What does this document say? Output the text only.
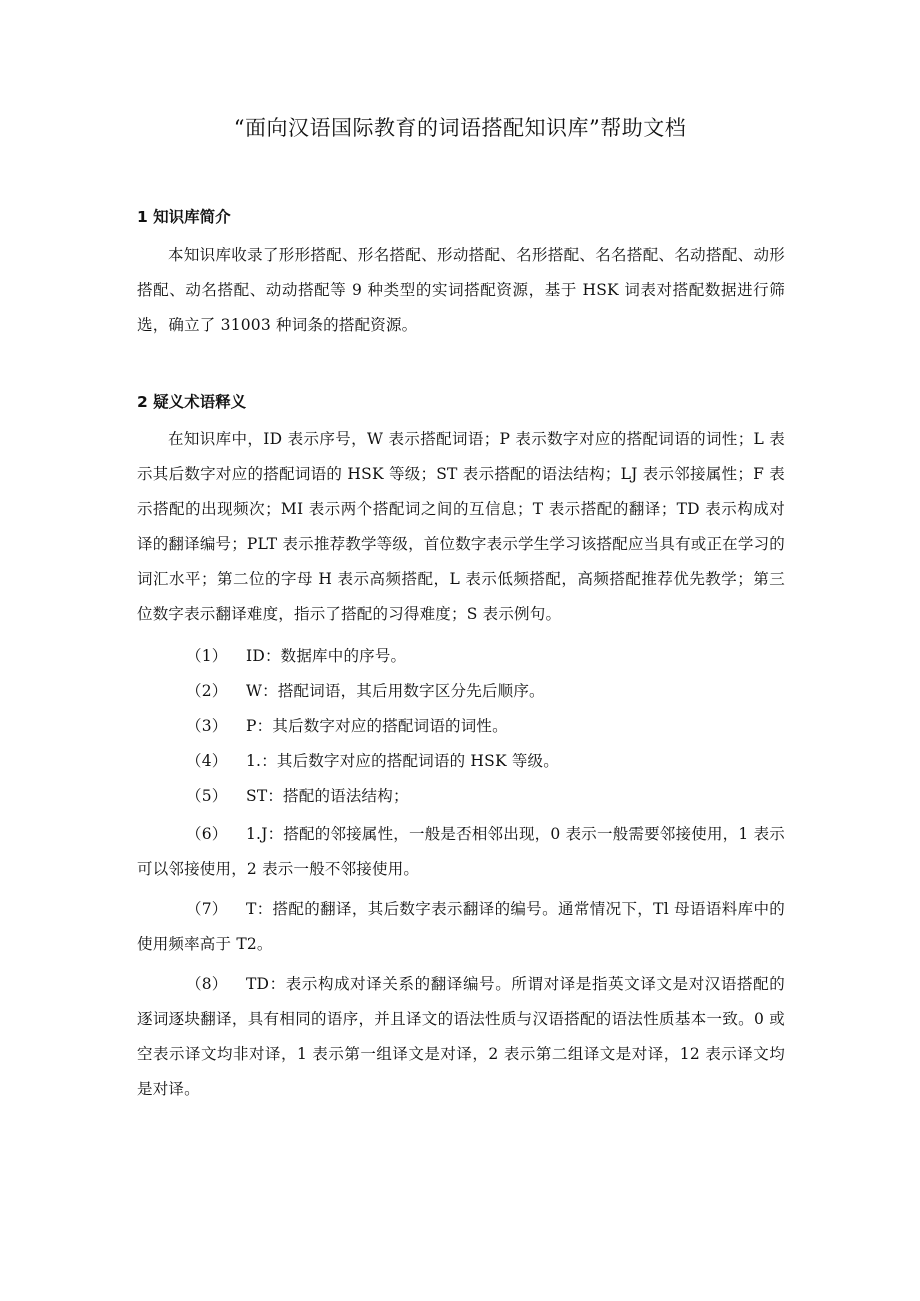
“面向汉语国际教育的词语搭配知识库”帮助文档
1 知识库简介
本知识库收录了形形搭配、形名搭配、形动搭配、名形搭配、名名搭配、名动搭配、动形搭配、动名搭配、动动搭配等 9 种类型的实词搭配资源，基于 HSK 词表对搭配数据进行筛选，确立了 31003 种词条的搭配资源。
2 疑义术语释义
在知识库中，ID 表示序号，W 表示搭配词语；P 表示数字对应的搭配词语的词性；L 表示其后数字对应的搭配词语的 HSK 等级；ST 表示搭配的语法结构；LJ 表示邻接属性；F 表示搭配的出现频次；MI 表示两个搭配词之间的互信息；T 表示搭配的翻译；TD 表示构成对译的翻译编号；PLT 表示推荐教学等级，首位数字表示学生学习该搭配应当具有或正在学习的词汇水平；第二位的字母 H 表示高频搭配，L 表示低频搭配，高频搭配推荐优先教学；第三位数字表示翻译难度，指示了搭配的习得难度；S 表示例句。
（1） ID：数据库中的序号。
（2） W：搭配词语，其后用数字区分先后顺序。
（3） P：其后数字对应的搭配词语的词性。
（4） 1.：其后数字对应的搭配词语的 HSK 等级。
（5） ST：搭配的语法结构；
（6） 1.J：搭配的邻接属性，一般是否相邻出现，0 表示一般需要邻接使用，1 表示可以邻接使用，2 表示一般不邻接使用。
（7） T：搭配的翻译，其后数字表示翻译的编号。通常情况下，Tl 母语语料库中的使用频率高于 T2。
（8） TD：表示构成对译关系的翻译编号。所谓对译是指英文译文是对汉语搭配的逐词逐块翻译，具有相同的语序，并且译文的语法性质与汉语搭配的语法性质基本一致。0 或空表示译文均非对译，1 表示第一组译文是对译，2 表示第二组译文是对译，12 表示译文均是对译。
